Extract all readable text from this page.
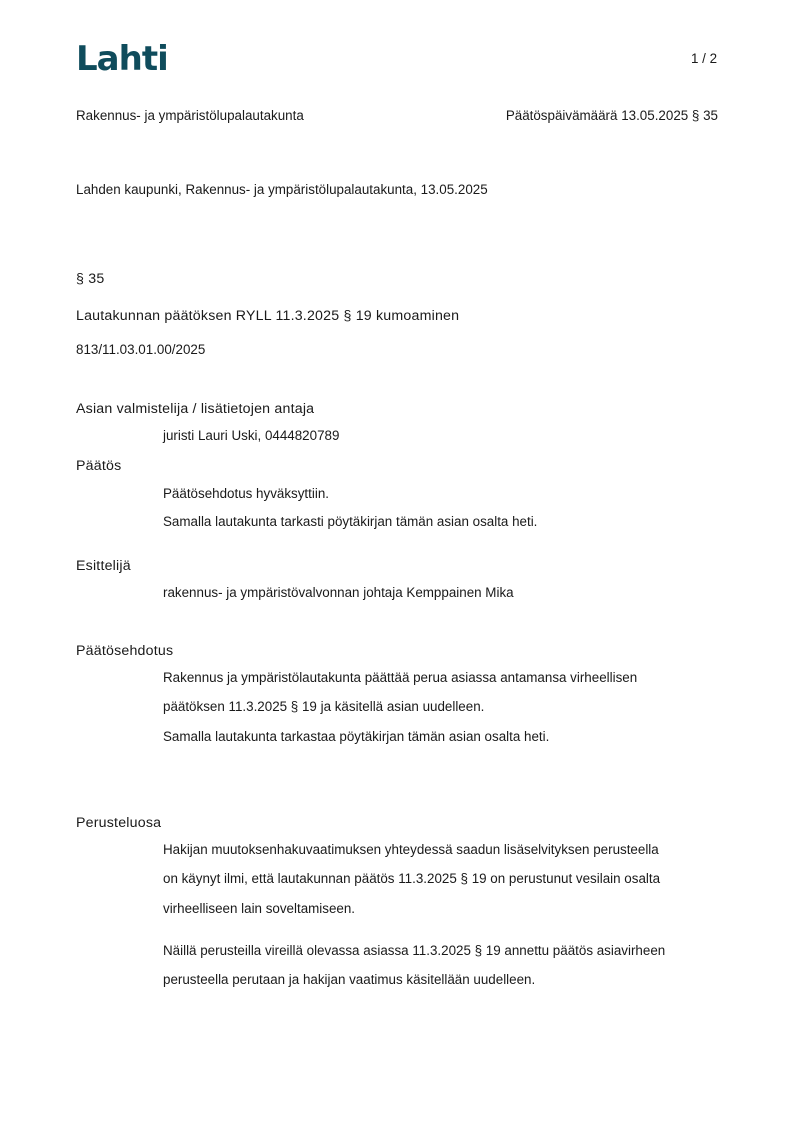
Lahti	1 / 2
Rakennus- ja ympäristölupalautakunta	Päätöspäivämäärä 13.05.2025 § 35
Lahden kaupunki, Rakennus- ja ympäristölupalautakunta, 13.05.2025
§ 35
Lautakunnan päätöksen RYLL 11.3.2025 § 19 kumoaminen
813/11.03.01.00/2025
Asian valmistelija / lisätietojen antaja
juristi Lauri Uski, 0444820789
Päätös
Päätösehdotus hyväksyttiin.
Samalla lautakunta tarkasti pöytäkirjan tämän asian osalta heti.
Esittelijä
rakennus- ja ympäristövalvonnan johtaja Kemppainen Mika
Päätösehdotus
Rakennus ja ympäristölautakunta päättää perua asiassa antamansa virheellisen
päätöksen 11.3.2025 § 19 ja käsitellä asian uudelleen.
Samalla lautakunta tarkastaa pöytäkirjan tämän asian osalta heti.
Perusteluosa
Hakijan muutoksenhakuvaatimuksen yhteydessä saadun lisäselvityksen perusteella
on käynyt ilmi, että lautakunnan päätös 11.3.2025 § 19 on perustunut vesilain osalta
virheelliseen lain soveltamiseen.
Näillä perusteilla vireillä olevassa asiassa 11.3.2025 § 19 annettu päätös asiavirheen
perusteella perutaan ja hakijan vaatimus käsitellään uudelleen.
